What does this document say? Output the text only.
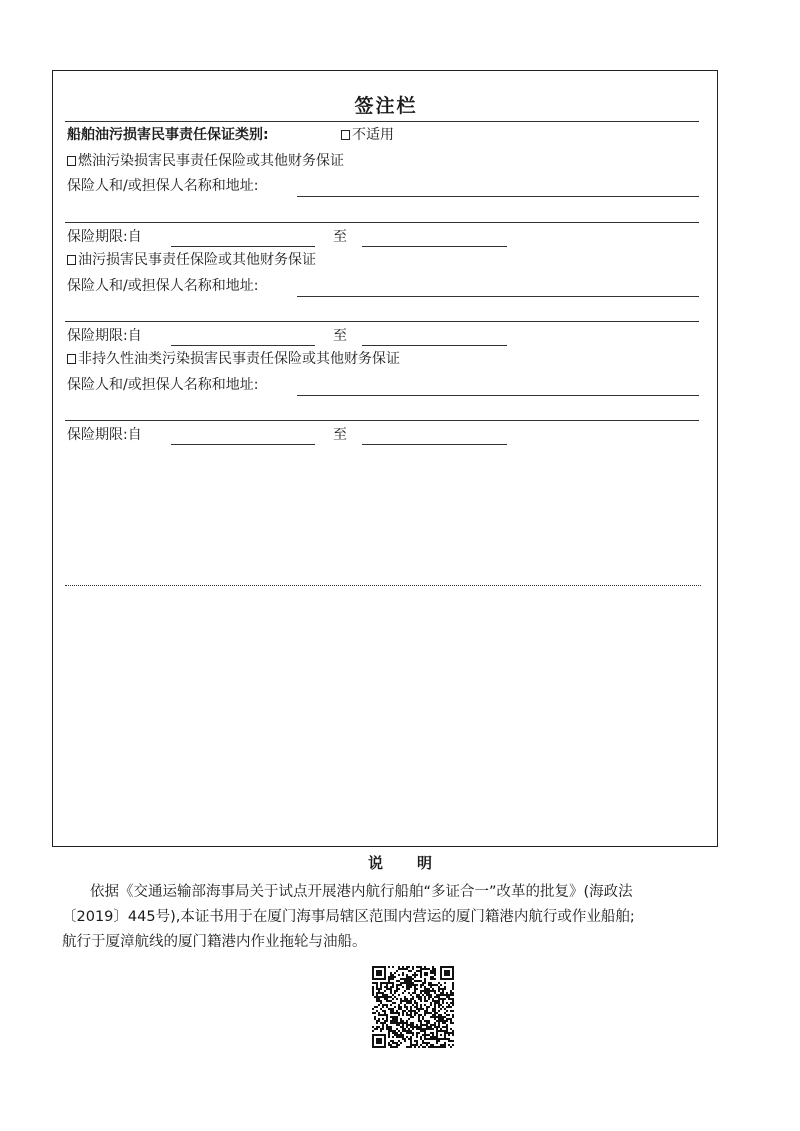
签注栏
船舶油污损害民事责任保证类别:	不适用
燃油污染损害民事责任保险或其他财务保证
保险人和/或担保人名称和地址:
保险期限:自	至
油污损害民事责任保险或其他财务保证
保险人和/或担保人名称和地址:
保险期限:自	至
非持久性油类污染损害民事责任保险或其他财务保证
保险人和/或担保人名称和地址:
保险期限:自	至
说明

依据《交通运输部海事局关于试点开展港内航行船舶“多证合一”改革的批复》(海政法

〔2019〕445号),本证书用于在厦门海事局辖区范围内营运的厦门籍港内航行或作业船舶;

航行于厦漳航线的厦门籍港内作业拖轮与油船。
